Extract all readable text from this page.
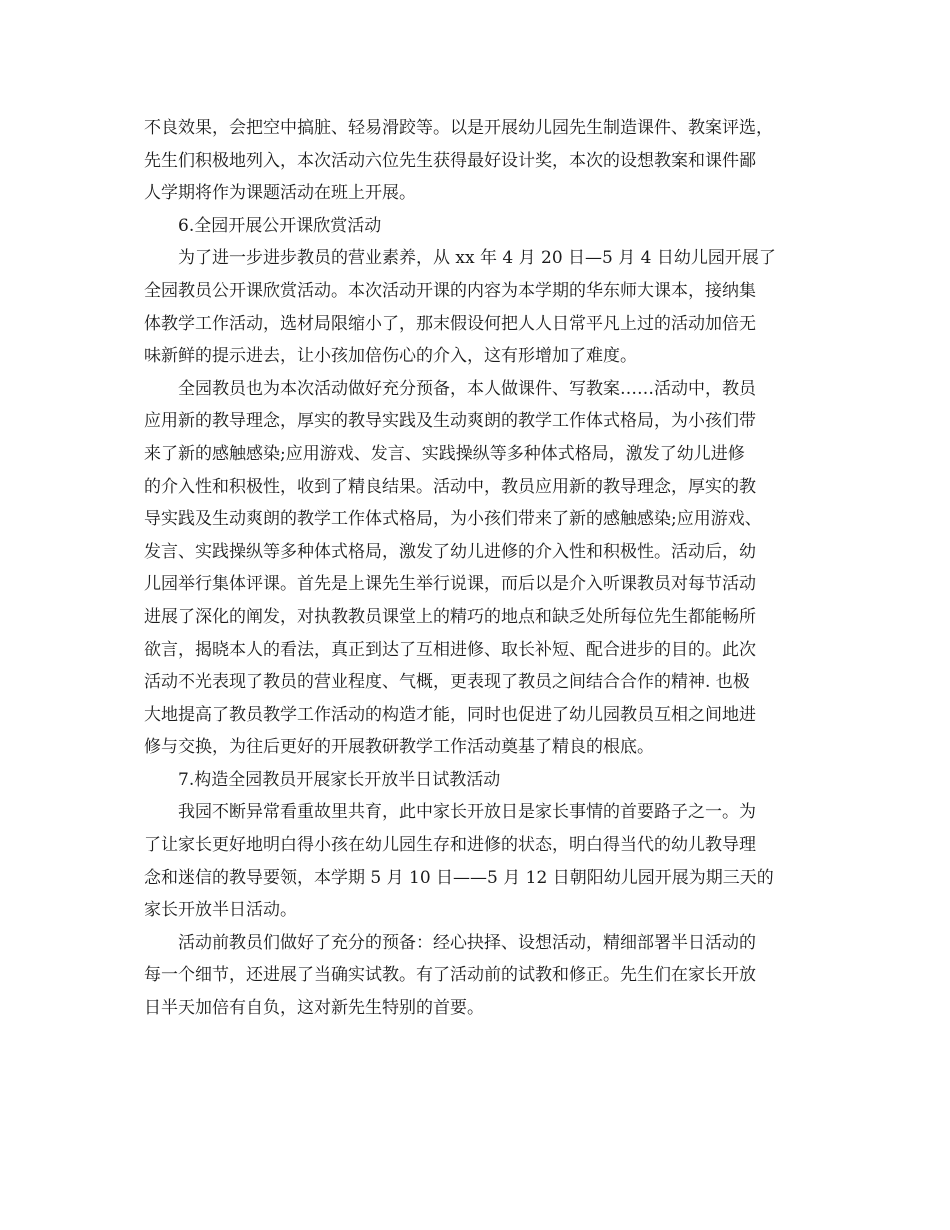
不良效果，会把空中搞脏、轻易滑跤等。以是开展幼儿园先生制造课件、教案评选，
先生们积极地列入，本次活动六位先生获得最好设计奖，本次的设想教案和课件鄙
人学期将作为课题活动在班上开展。
6.全园开展公开课欣赏活动
为了进一步进步教员的营业素养，从 xx 年 4 月 20 日—5 月 4 日幼儿园开展了
全园教员公开课欣赏活动。本次活动开课的内容为本学期的华东师大课本，接纳集
体教学工作活动，选材局限缩小了，那末假设何把人人日常平凡上过的活动加倍无
味新鲜的提示进去，让小孩加倍伤心的介入，这有形增加了难度。
全园教员也为本次活动做好充分预备，本人做课件、写教案……活动中，教员
应用新的教导理念，厚实的教导实践及生动爽朗的教学工作体式格局，为小孩们带
来了新的感触感染;应用游戏、发言、实践操纵等多种体式格局，激发了幼儿进修
的介入性和积极性，收到了精良结果。活动中，教员应用新的教导理念，厚实的教
导实践及生动爽朗的教学工作体式格局，为小孩们带来了新的感触感染;应用游戏、
发言、实践操纵等多种体式格局，激发了幼儿进修的介入性和积极性。活动后，幼
儿园举行集体评课。首先是上课先生举行说课，而后以是介入听课教员对每节活动
进展了深化的阐发，对执教教员课堂上的精巧的地点和缺乏处所每位先生都能畅所
欲言，揭晓本人的看法，真正到达了互相进修、取长补短、配合进步的目的。此次
活动不光表现了教员的营业程度、气概，更表现了教员之间结合合作的精神. 也极
大地提高了教员教学工作活动的构造才能，同时也促进了幼儿园教员互相之间地进
修与交换，为往后更好的开展教研教学工作活动奠基了精良的根底。
7.构造全园教员开展家长开放半日试教活动
我园不断异常看重故里共育，此中家长开放日是家长事情的首要路子之一。为
了让家长更好地明白得小孩在幼儿园生存和进修的状态，明白得当代的幼儿教导理
念和迷信的教导要领，本学期 5 月 10 日——5 月 12 日朝阳幼儿园开展为期三天的
家长开放半日活动。
活动前教员们做好了充分的预备：经心抉择、设想活动，精细部署半日活动的
每一个细节，还进展了当确实试教。有了活动前的试教和修正。先生们在家长开放
日半天加倍有自负，这对新先生特别的首要。
